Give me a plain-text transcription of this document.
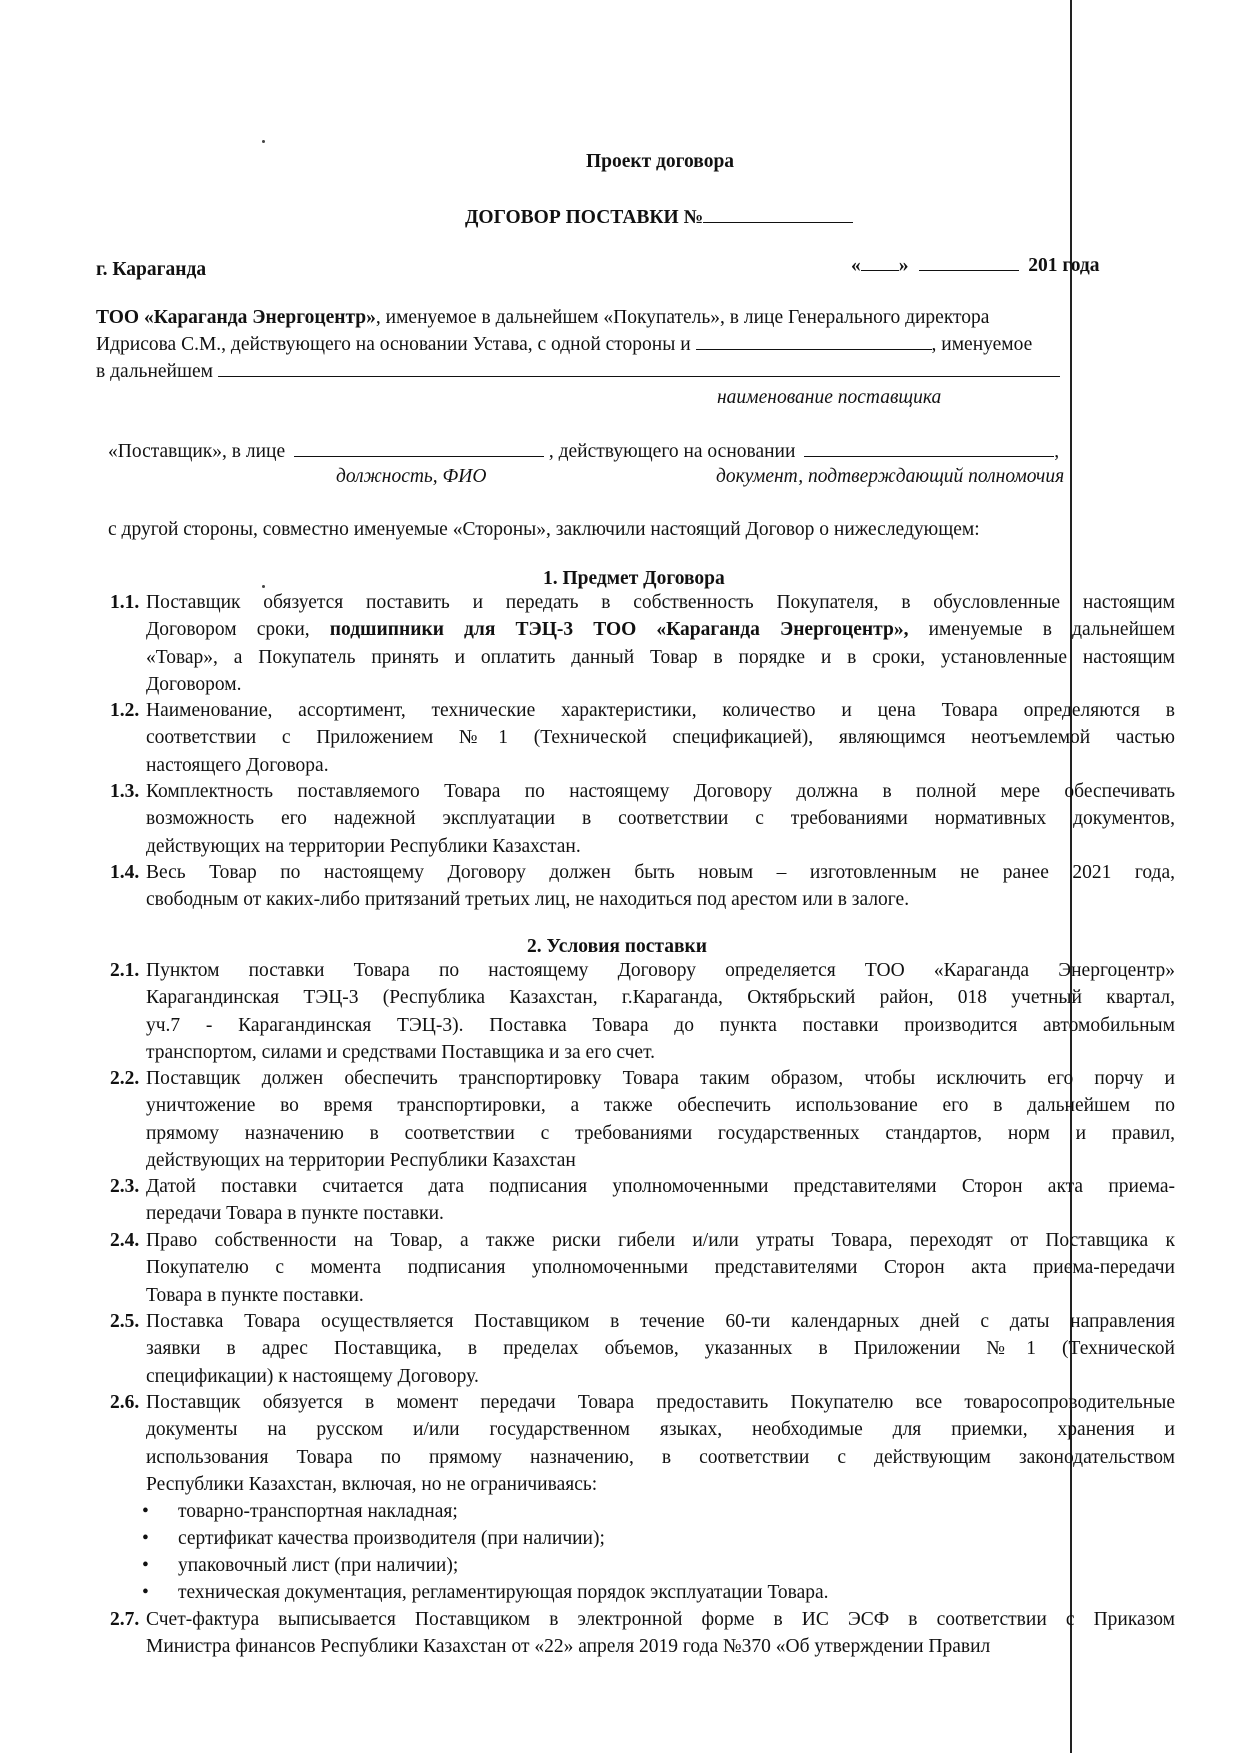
Проект договора
ДОГОВОР ПОСТАВКИ №
г. Караганда	« »	201 года
ТОО «Караганда Энергоцентр», именуемое в дальнейшем «Покупатель», в лице Генерального директора
Идрисова С.М., действующего на основании Устава, с одной стороны и	, именуемое
в дальнейшем
наименование поставщика
«Поставщик», в лице	, действующего на основании	,
должность, ФИО	документ, подтверждающий полномочия
с другой стороны, совместно именуемые «Стороны», заключили настоящий Договор о нижеследующем:
1. Предмет Договора
1.1. Поставщик обязуется поставить и передать в собственность Покупателя, в обусловленные настоящим
Договором сроки, подшипники для ТЭЦ-3 ТОО «Караганда Энергоцентр», именуемые в дальнейшем
«Товар», а Покупатель принять и оплатить данный Товар в порядке и в сроки, установленные настоящим
Договором.
1.2. Наименование, ассортимент, технические характеристики, количество и цена Товара определяются в
соответствии с Приложением №1 (Технической спецификацией), являющимся неотъемлемой частью
настоящего Договора.
1.3. Комплектность поставляемого Товара по настоящему Договору должна в полной мере обеспечивать
возможность его надежной эксплуатации в соответствии с требованиями нормативных документов,
действующих на территории Республики Казахстан.
1.4. Весь Товар по настоящему Договору должен быть новым – изготовленным не ранее 2021 года,
свободным от каких-либо притязаний третьих лиц, не находиться под арестом или в залоге.
2. Условия поставки
2.1. Пунктом поставки Товара по настоящему Договору определяется ТОО «Караганда Энергоцентр»
Карагандинская ТЭЦ-3 (Республика Казахстан, г.Караганда, Октябрьский район, 018 учетный квартал,
уч.7 - Карагандинская ТЭЦ-3). Поставка Товара до пункта поставки производится автомобильным
транспортом, силами и средствами Поставщика и за его счет.
2.2. Поставщик должен обеспечить транспортировку Товара таким образом, чтобы исключить его порчу и
уничтожение во время транспортировки, а также обеспечить использование его в дальнейшем по
прямому назначению в соответствии с требованиями государственных стандартов, норм и правил,
действующих на территории Республики Казахстан
2.3. Датой поставки считается дата подписания уполномоченными представителями Сторон акта приема-
передачи Товара в пункте поставки.
2.4. Право собственности на Товар, а также риски гибели и/или утраты Товара, переходят от Поставщика к
Покупателю с момента подписания уполномоченными представителями Сторон акта приема-передачи
Товара в пункте поставки.
2.5. Поставка Товара осуществляется Поставщиком в течение 60-ти календарных дней с даты направления
заявки в адрес Поставщика, в пределах объемов, указанных в Приложении №1 (Технической
спецификации) к настоящему Договору.
2.6. Поставщик обязуется в момент передачи Товара предоставить Покупателю все товаросопроводительные
документы на русском и/или государственном языках, необходимые для приемки, хранения и
использования Товара по прямому назначению, в соответствии с действующим законодательством
Республики Казахстан, включая, но не ограничиваясь:
• товарно-транспортная накладная;
• сертификат качества производителя (при наличии);
• упаковочный лист (при наличии);
• техническая документация, регламентирующая порядок эксплуатации Товара.
2.7. Счет-фактура выписывается Поставщиком в электронной форме в ИС ЭСФ в соответствии с Приказом
Министра финансов Республики Казахстан от «22» апреля 2019 года №370 «Об утверждении Правил
